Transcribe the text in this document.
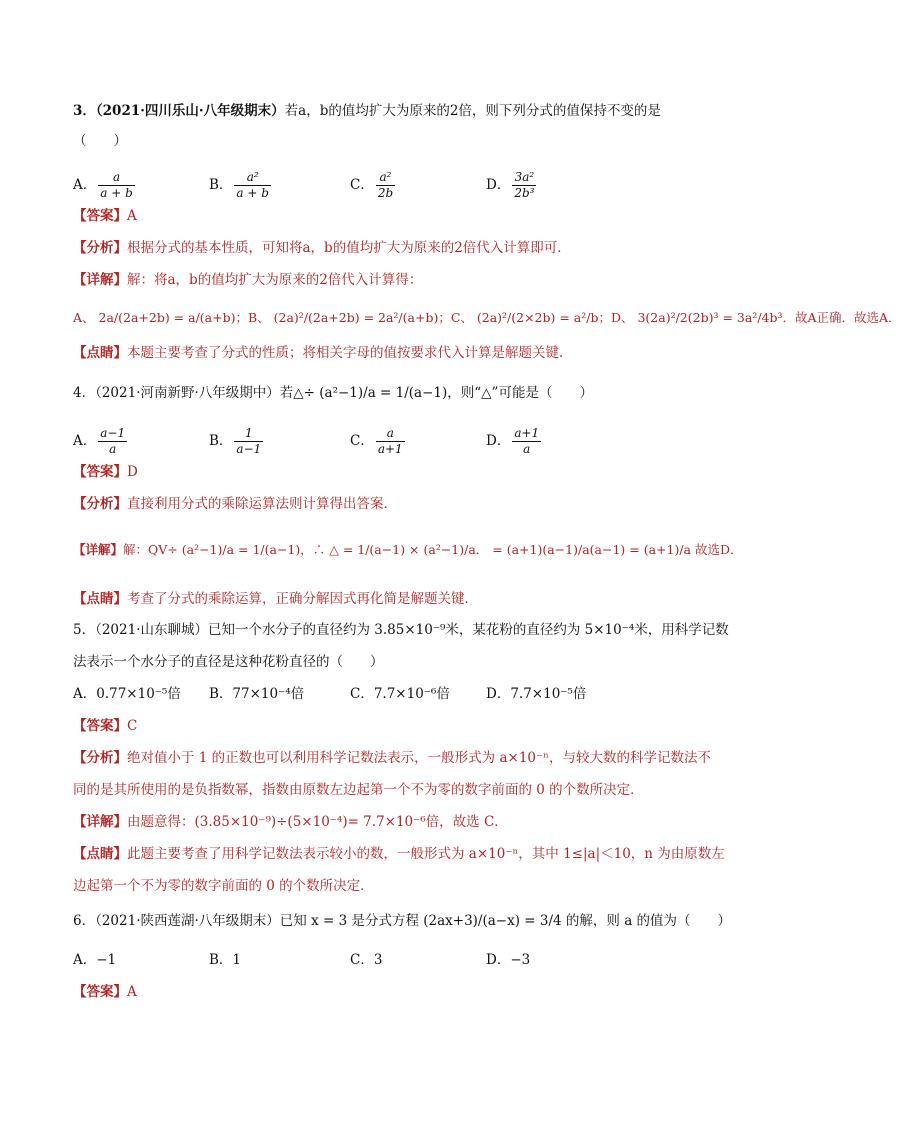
3．（2021·四川乐山·八年级期末）若a，b的值均扩大为原来的2倍，则下列分式的值保持不变的是
（　　）
A． $\frac{a}{a + b}$	B． $\frac{\text{a²}}{a + b}$	C． $\frac{\text{a²}}{2b}$	D． $\frac{\text{3a²}}{\text{2b³}}$
【答案】A
【分析】根据分式的基本性质，可知将a，b的值均扩大为原来的2倍代入计算即可．
【详解】解：将a，b的值均扩大为原来的2倍代入计算得：
A、 2a/(2a+2b) = a/(a+b)；B、 (2a)²/(2a+2b) = 2a²/(a+b)；C、 (2a)²/(2×2b) = a²/b；D、 3(2a)²/2(2b)³ = 3a²/4b³．故A正确．故选A．
【点睛】本题主要考查了分式的性质；将相关字母的值按要求代入计算是解题关键．
4．（2021·河南新野·八年级期中）若△÷ (a²−1)/a = 1/(a−1)，则“△”可能是（　　）
A． $\frac{a-1}{a}$	B． $\frac{1}{a-1}$	C． $\frac{a}{a+1}$	D． $\frac{a+1}{a}$
【答案】D
【分析】直接利用分式的乘除运算法则计算得出答案．
【详解】解：QV÷ (a²−1)/a = 1/(a−1)，∴ △ = 1/(a−1) × (a²−1)/a． = (a+1)(a−1)/a(a−1) = (a+1)/a 故选D．
【点睛】考查了分式的乘除运算，正确分解因式再化简是解题关键．
5．（2021·山东聊城）已知一个水分子的直径约为 3.85×10⁻⁹米，某花粉的直径约为 5×10⁻⁴米，用科学记数
法表示一个水分子的直径是这种花粉直径的（　　）
A．0.77×10⁻⁵倍 B．77×10⁻⁴倍	C．7.7×10⁻⁶倍	D．7.7×10⁻⁵倍
【答案】C
【分析】绝对值小于 1 的正数也可以利用科学记数法表示，一般形式为 a×10⁻ⁿ，与较大数的科学记数法不
同的是其所使用的是负指数幂，指数由原数左边起第一个不为零的数字前面的 0 的个数所决定．
【详解】由题意得：(3.85×10⁻⁹)÷(5×10⁻⁴)= 7.7×10⁻⁶倍，故选 C．
【点睛】此题主要考查了用科学记数法表示较小的数，一般形式为 a×10⁻ⁿ，其中 1≤|a|＜10，n 为由原数左
边起第一个不为零的数字前面的 0 的个数所决定．
6．（2021·陕西莲湖·八年级期末）已知 x = 3 是分式方程 (2ax+3)/(a−x) = 3/4 的解，则 a 的值为（　　）
A．−1	B．1	C．3	D．−3
【答案】A
